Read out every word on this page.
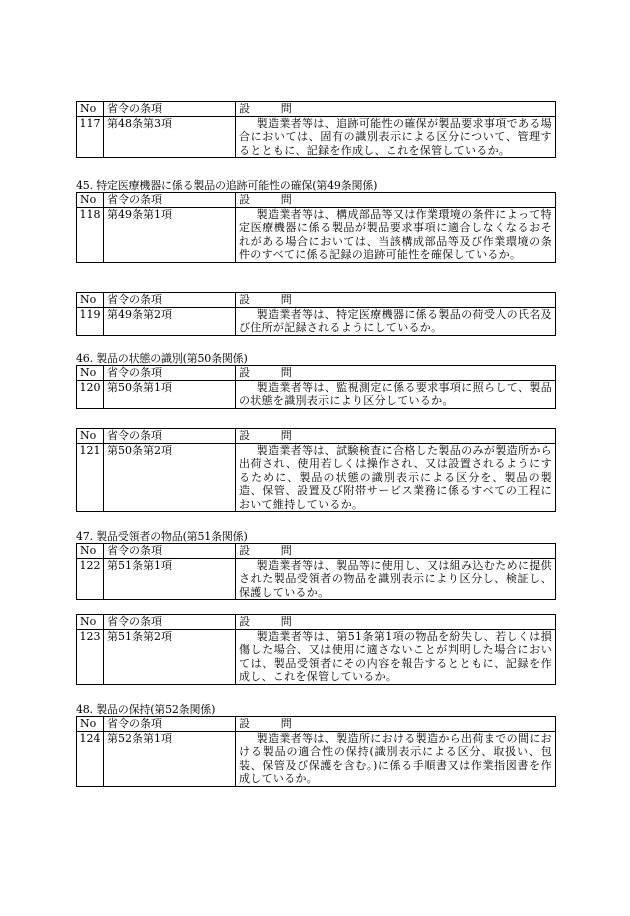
No	省令の条項	設　問
117	第48条第3項	製造業者等は、追跡可能性の確保が製品要求事項である場合においては、固有の識別表示による区分について、管理するとともに、記録を作成し、これを保管しているか。
45. 特定医療機器に係る製品の追跡可能性の確保(第49条関係)
No	省令の条項	設　問
118	第49条第1項	製造業者等は、構成部品等又は作業環境の条件によって特定医療機器に係る製品が製品要求事項に適合しなくなるおそれがある場合においては、当該構成部品等及び作業環境の条件のすべてに係る記録の追跡可能性を確保しているか。
No	省令の条項	設　問
119	第49条第2項	製造業者等は、特定医療機器に係る製品の荷受人の氏名及び住所が記録されるようにしているか。
46. 製品の状態の識別(第50条関係)
No	省令の条項	設　問
120	第50条第1項	製造業者等は、監視測定に係る要求事項に照らして、製品の状態を識別表示により区分しているか。
No	省令の条項	設　問
121	第50条第2項	製造業者等は、試験検査に合格した製品のみが製造所から出荷され、使用若しくは操作され、又は設置されるようにするために、製品の状態の識別表示による区分を、製品の製造、保管、設置及び附帯サービス業務に係るすべての工程において維持しているか。
47. 製品受領者の物品(第51条関係)
No	省令の条項	設　問
122	第51条第1項	製造業者等は、製品等に使用し、又は組み込むために提供された製品受領者の物品を識別表示により区分し、検証し、保護しているか。
No	省令の条項	設　問
123	第51条第2項	製造業者等は、第51条第1項の物品を紛失し、若しくは損傷した場合、又は使用に適さないことが判明した場合においては、製品受領者にその内容を報告するとともに、記録を作成し、これを保管しているか。
48. 製品の保持(第52条関係)
No	省令の条項	設　問
124	第52条第1項	製造業者等は、製造所における製造から出荷までの間における製品の適合性の保持(識別表示による区分、取扱い、包装、保管及び保護を含む。)に係る手順書又は作業指図書を作成しているか。
